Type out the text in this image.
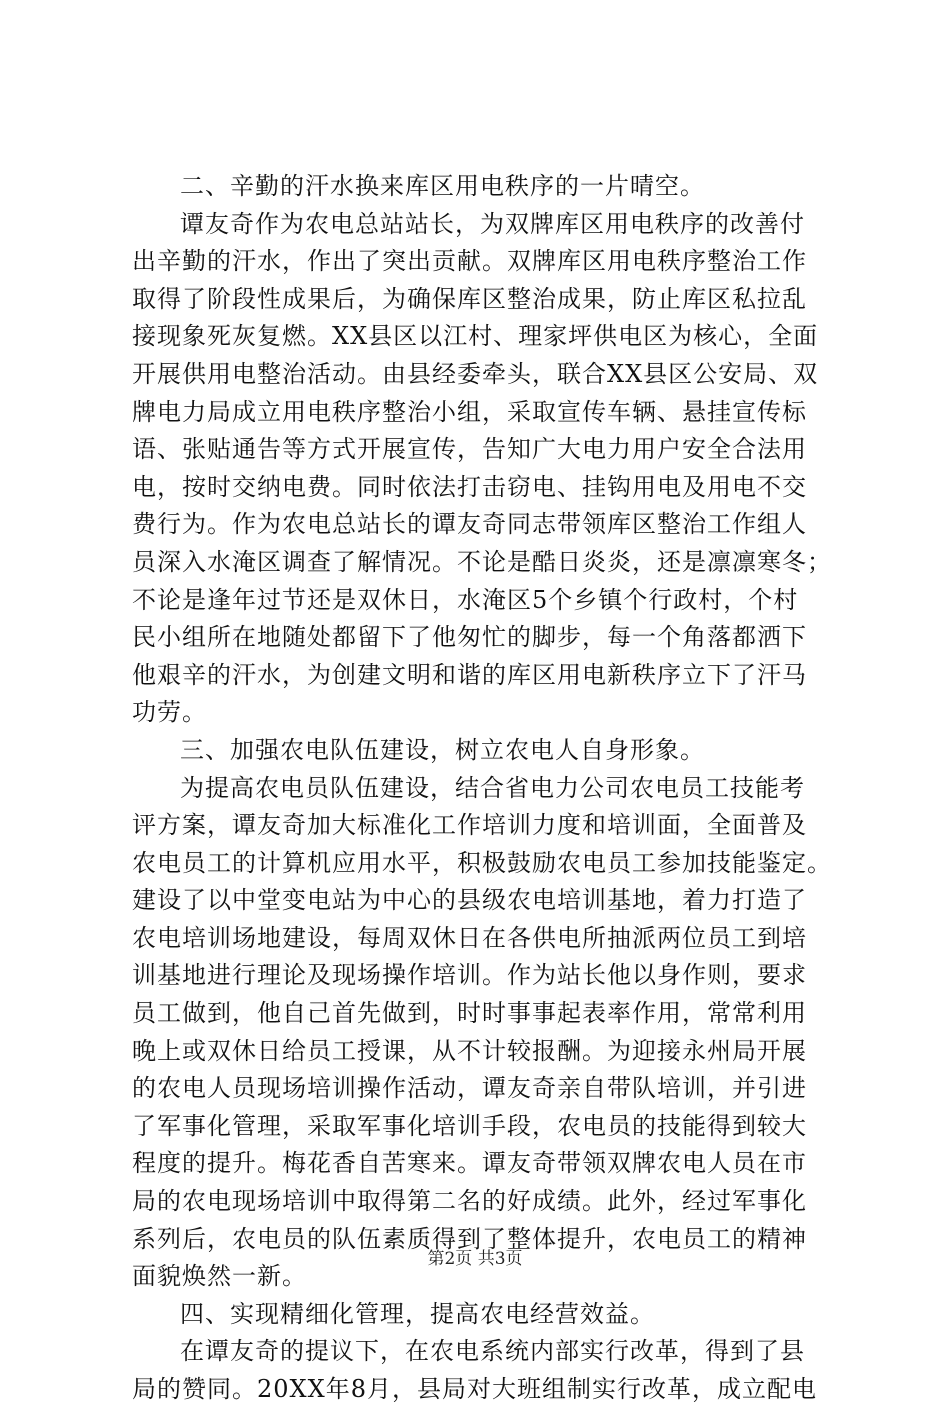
二、辛勤的汗水换来库区用电秩序的一片晴空。
谭友奇作为农电总站站长，为双牌库区用电秩序的改善付
出辛勤的汗水，作出了突出贡献。双牌库区用电秩序整治工作
取得了阶段性成果后，为确保库区整治成果，防止库区私拉乱
接现象死灰复燃。XX县区以江村、理家坪供电区为核心，全面
开展供用电整治活动。由县经委牵头，联合XX县区公安局、双
牌电力局成立用电秩序整治小组，采取宣传车辆、悬挂宣传标
语、张贴通告等方式开展宣传，告知广大电力用户安全合法用
电，按时交纳电费。同时依法打击窃电、挂钩用电及用电不交
费行为。作为农电总站长的谭友奇同志带领库区整治工作组人
员深入水淹区调查了解情况。不论是酷日炎炎，还是凛凛寒冬；
不论是逢年过节还是双休日，水淹区5个乡镇个行政村，个村
民小组所在地随处都留下了他匆忙的脚步，每一个角落都洒下
他艰辛的汗水，为创建文明和谐的库区用电新秩序立下了汗马
功劳。
三、加强农电队伍建设，树立农电人自身形象。
为提高农电员队伍建设，结合省电力公司农电员工技能考
评方案，谭友奇加大标准化工作培训力度和培训面，全面普及
农电员工的计算机应用水平，积极鼓励农电员工参加技能鉴定。
建设了以中堂变电站为中心的县级农电培训基地，着力打造了
农电培训场地建设，每周双休日在各供电所抽派两位员工到培
训基地进行理论及现场操作培训。作为站长他以身作则，要求
员工做到，他自己首先做到，时时事事起表率作用，常常利用
晚上或双休日给员工授课，从不计较报酬。为迎接永州局开展
的农电人员现场培训操作活动，谭友奇亲自带队培训，并引进
了军事化管理，采取军事化培训手段，农电员的技能得到较大
程度的提升。梅花香自苦寒来。谭友奇带领双牌农电人员在市
局的农电现场培训中取得第二名的好成绩。此外，经过军事化
系列后，农电员的队伍素质得到了整体提升，农电员工的精神
面貌焕然一新。
四、实现精细化管理，提高农电经营效益。
在谭友奇的提议下，在农电系统内部实行改革，得到了县
局的赞同。20XX年8月，县局对大班组制实行改革，成立配电
第2页 共3页
